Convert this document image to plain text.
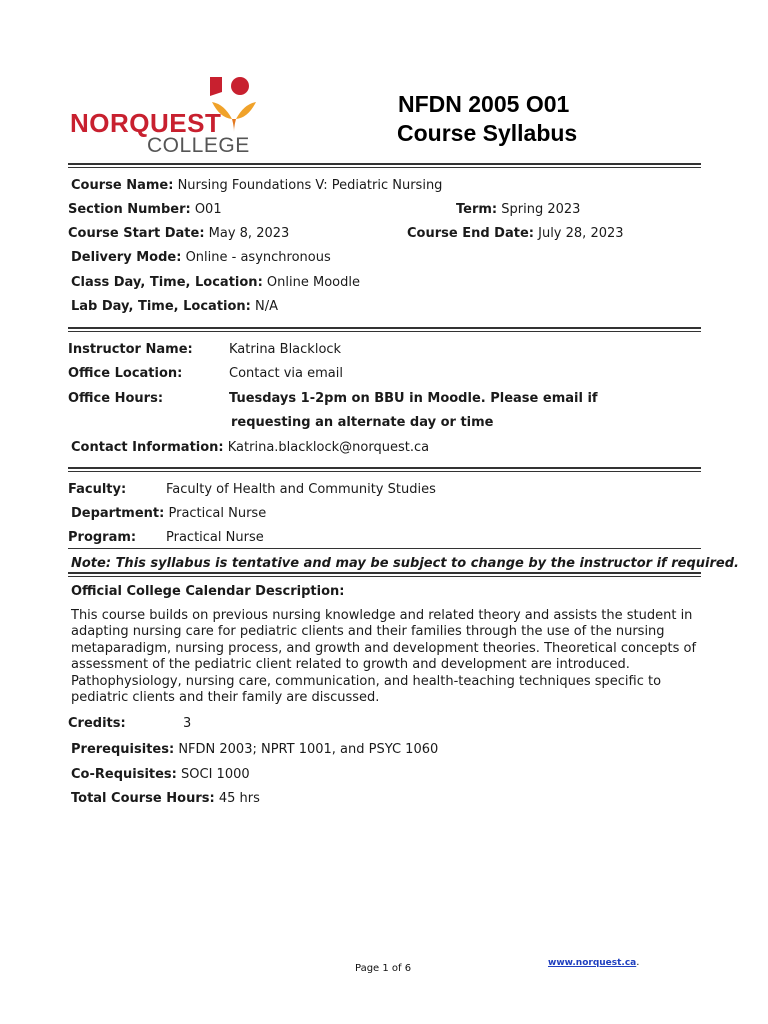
NORQUEST
COLLEGE
NFDN 2005 O01
Course Syllabus
Course Name: Nursing Foundations V: Pediatric Nursing
Section Number: O01	Term: Spring 2023
Course Start Date: May 8, 2023	Course End Date: July 28, 2023
Delivery Mode: Online - asynchronous
Class Day, Time, Location: Online Moodle
Lab Day, Time, Location: N/A
Instructor Name:	Katrina Blacklock
Office Location:	Contact via email
Office Hours:	Tuesdays 1-2pm on BBU in Moodle. Please email if
requesting an alternate day or time
Contact Information: Katrina.blacklock@norquest.ca
Faculty:	Faculty of Health and Community Studies
Department: Practical Nurse
Program: Practical Nurse
Note: This syllabus is tentative and may be subject to change by the instructor if required.
Official College Calendar Description:
This course builds on previous nursing knowledge and related theory and assists the student in
adapting nursing care for pediatric clients and their families through the use of the nursing
metaparadigm, nursing process, and growth and development theories. Theoretical concepts of
assessment of the pediatric client related to growth and development are introduced.
Pathophysiology, nursing care, communication, and health-teaching techniques specific to
pediatric clients and their family are discussed.
Credits:	3
Prerequisites: NFDN 2003; NPRT 1001, and PSYC 1060
Co-Requisites: SOCI 1000
Total Course Hours: 45 hrs
www.norquest.ca.
Page 1 of 6
